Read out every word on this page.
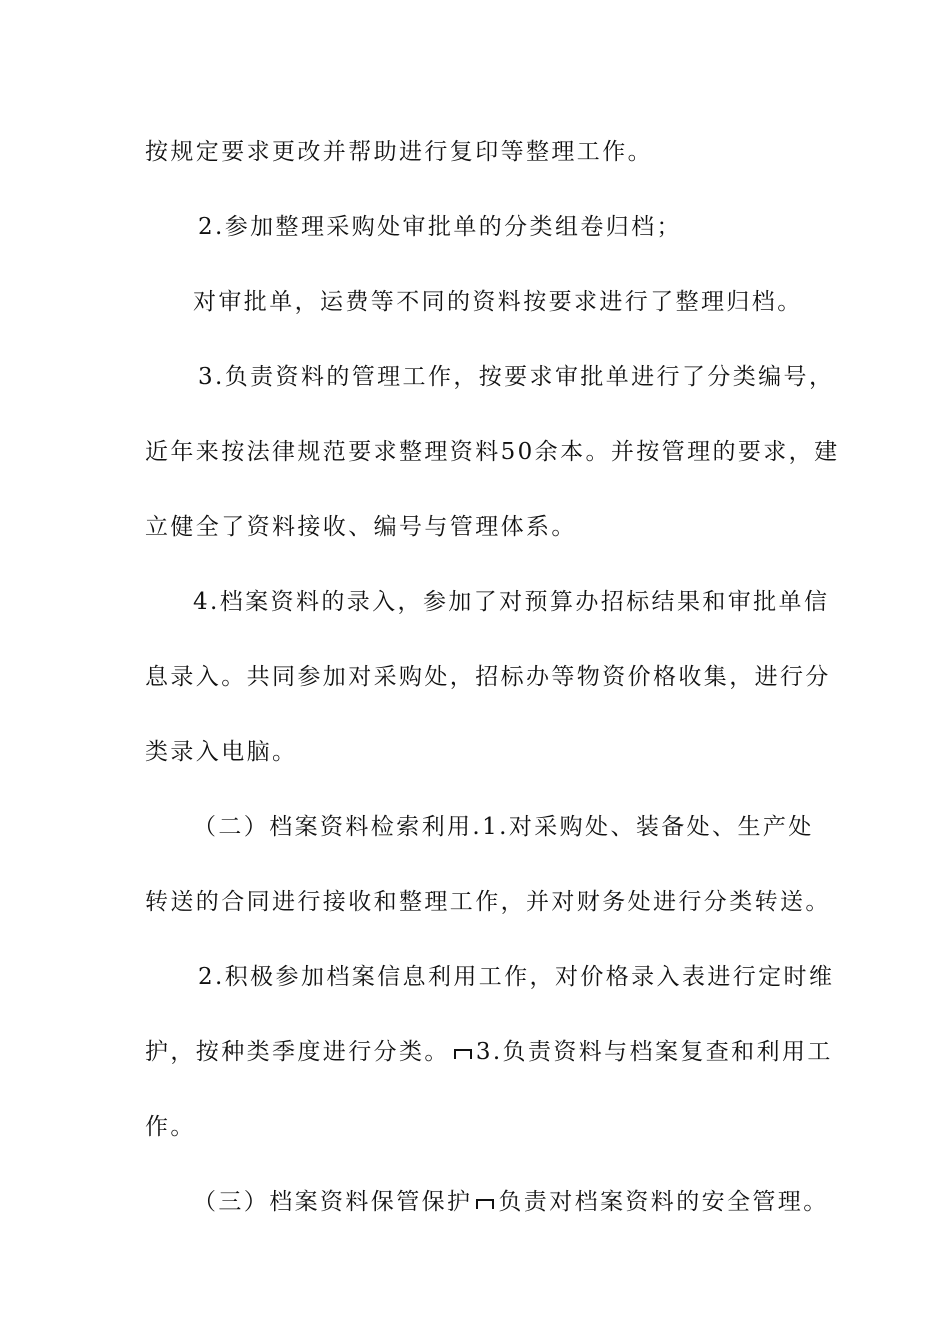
按规定要求更改并帮助进行复印等整理工作。
2.参加整理采购处审批单的分类组卷归档；
对审批单，运费等不同的资料按要求进行了整理归档。
3.负责资料的管理工作，按要求审批单进行了分类编号，
近年来按法律规范要求整理资料50余本。并按管理的要求，建
立健全了资料接收、编号与管理体系。
4.档案资料的录入，参加了对预算办招标结果和审批单信
息录入。共同参加对采购处，招标办等物资价格收集，进行分
类录入电脑。
（二）档案资料检索利用.1.对采购处、装备处、生产处
转送的合同进行接收和整理工作，并对财务处进行分类转送。
2.积极参加档案信息利用工作，对价格录入表进行定时维
护，按种类季度进行分类。 3.负责资料与档案复查和利用工
作。
（三）档案资料保管保护 负责对档案资料的安全管理。
